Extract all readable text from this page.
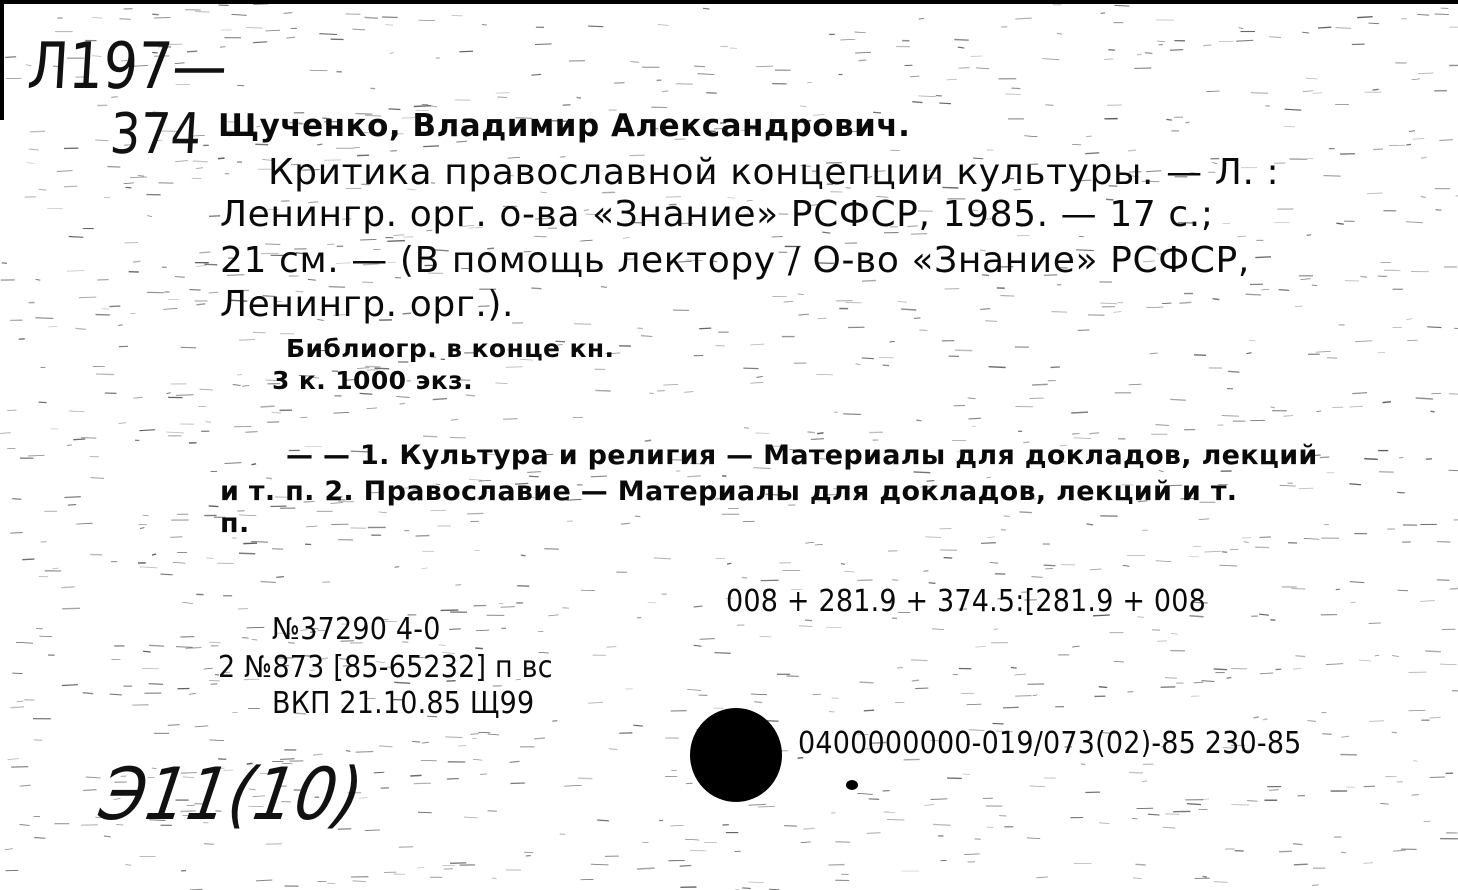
Л197—
374 Щученко, Владимир Александрович.
Критика православной концепции культуры. — Л. :
Ленингр. орг. о-ва «Знание» РСФСР, 1985. — 17 с.;
21 см. — (В помощь лектору / О-во «Знание» РСФСР,
Ленингр. орг.).
Библиогр. в конце кн.
3 к. 1000 экз.
— — 1. Культура и религия — Материалы для докладов, лекций
и т. п. 2. Православие — Материалы для докладов, лекций и т.
п.
008 + 281.9 + 374.5:[281.9 + 008
№37290 4-0
2 №873 [85-65232] п вс
ВКП 21.10.85 Щ99
0400000000-019/073(02)-85 230-85
Э11(10)
